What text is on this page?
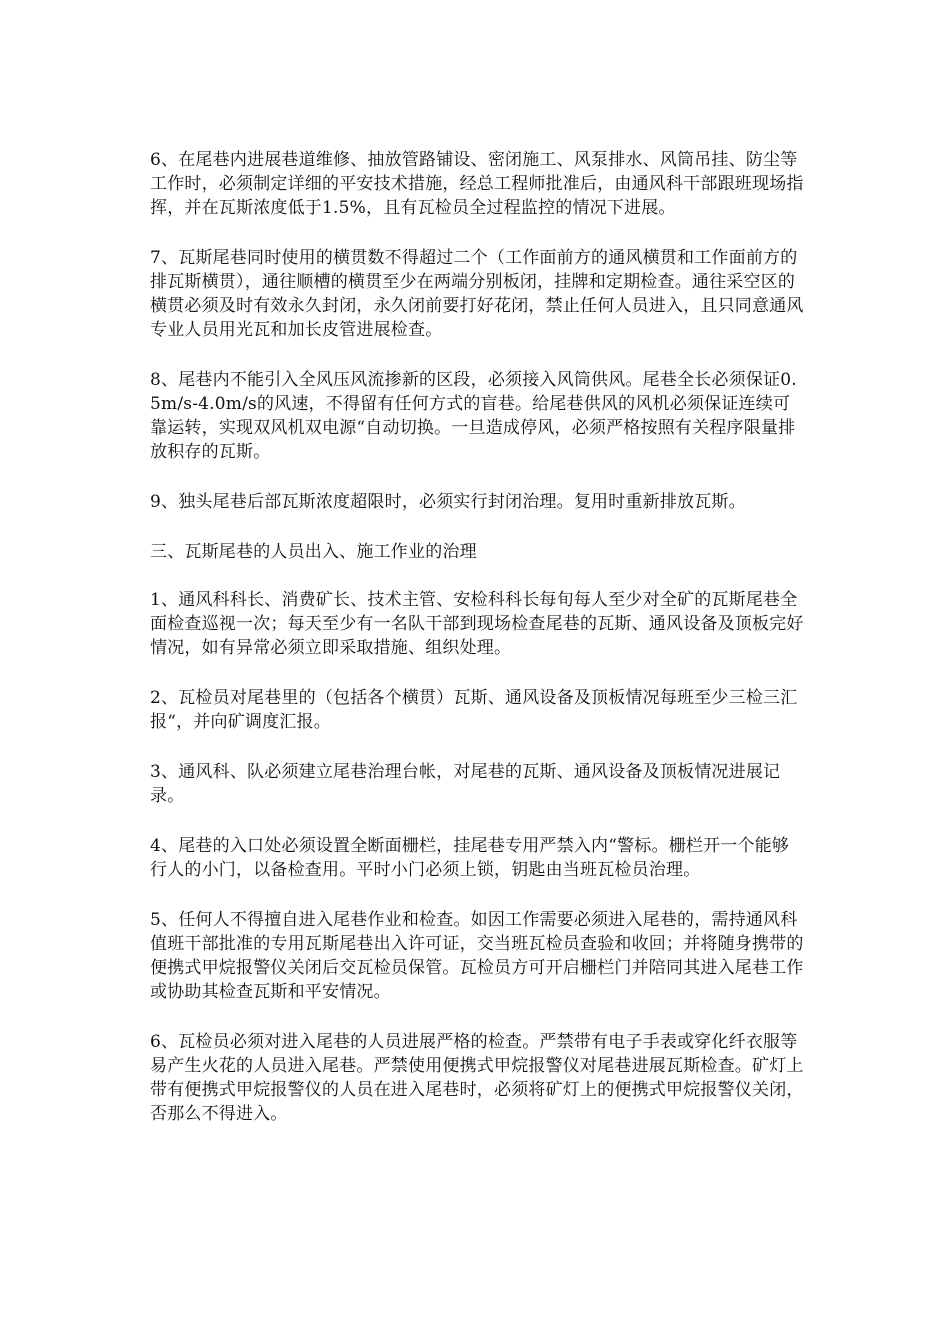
6、在尾巷内进展巷道维修、抽放管路铺设、密闭施工、风泵排水、风筒吊挂、防尘等工作时，必须制定详细的平安技术措施，经总工程师批准后，由通风科干部跟班现场指挥，并在瓦斯浓度低于1.5%，且有瓦检员全过程监控的情况下进展。

7、瓦斯尾巷同时使用的横贯数不得超过二个（工作面前方的通风横贯和工作面前方的排瓦斯横贯），通往顺槽的横贯至少在两端分别板闭，挂牌和定期检查。通往采空区的横贯必须及时有效永久封闭，永久闭前要打好花闭，禁止任何人员进入，且只同意通风专业人员用光瓦和加长皮管进展检查。

8、尾巷内不能引入全风压风流掺新的区段，必须接入风筒供风。尾巷全长必须保证0.5m/s-4.0m/s的风速，不得留有任何方式的盲巷。给尾巷供风的风机必须保证连续可靠运转，实现双风机双电源“自动切换。一旦造成停风，必须严格按照有关程序限量排放积存的瓦斯。

9、独头尾巷后部瓦斯浓度超限时，必须实行封闭治理。复用时重新排放瓦斯。

三、瓦斯尾巷的人员出入、施工作业的治理

1、通风科科长、消费矿长、技术主管、安检科科长每旬每人至少对全矿的瓦斯尾巷全面检查巡视一次；每天至少有一名队干部到现场检查尾巷的瓦斯、通风设备及顶板完好情况，如有异常必须立即采取措施、组织处理。

2、瓦检员对尾巷里的（包括各个横贯）瓦斯、通风设备及顶板情况每班至少三检三汇报“，并向矿调度汇报。

3、通风科、队必须建立尾巷治理台帐，对尾巷的瓦斯、通风设备及顶板情况进展记录。

4、尾巷的入口处必须设置全断面栅栏，挂尾巷专用严禁入内“警标。栅栏开一个能够行人的小门，以备检查用。平时小门必须上锁，钥匙由当班瓦检员治理。

5、任何人不得擅自进入尾巷作业和检查。如因工作需要必须进入尾巷的，需持通风科值班干部批准的专用瓦斯尾巷出入许可证，交当班瓦检员查验和收回；并将随身携带的便携式甲烷报警仪关闭后交瓦检员保管。瓦检员方可开启栅栏门并陪同其进入尾巷工作或协助其检查瓦斯和平安情况。

6、瓦检员必须对进入尾巷的人员进展严格的检查。严禁带有电子手表或穿化纤衣服等易产生火花的人员进入尾巷。严禁使用便携式甲烷报警仪对尾巷进展瓦斯检查。矿灯上带有便携式甲烷报警仪的人员在进入尾巷时，必须将矿灯上的便携式甲烷报警仪关闭，否那么不得进入。
